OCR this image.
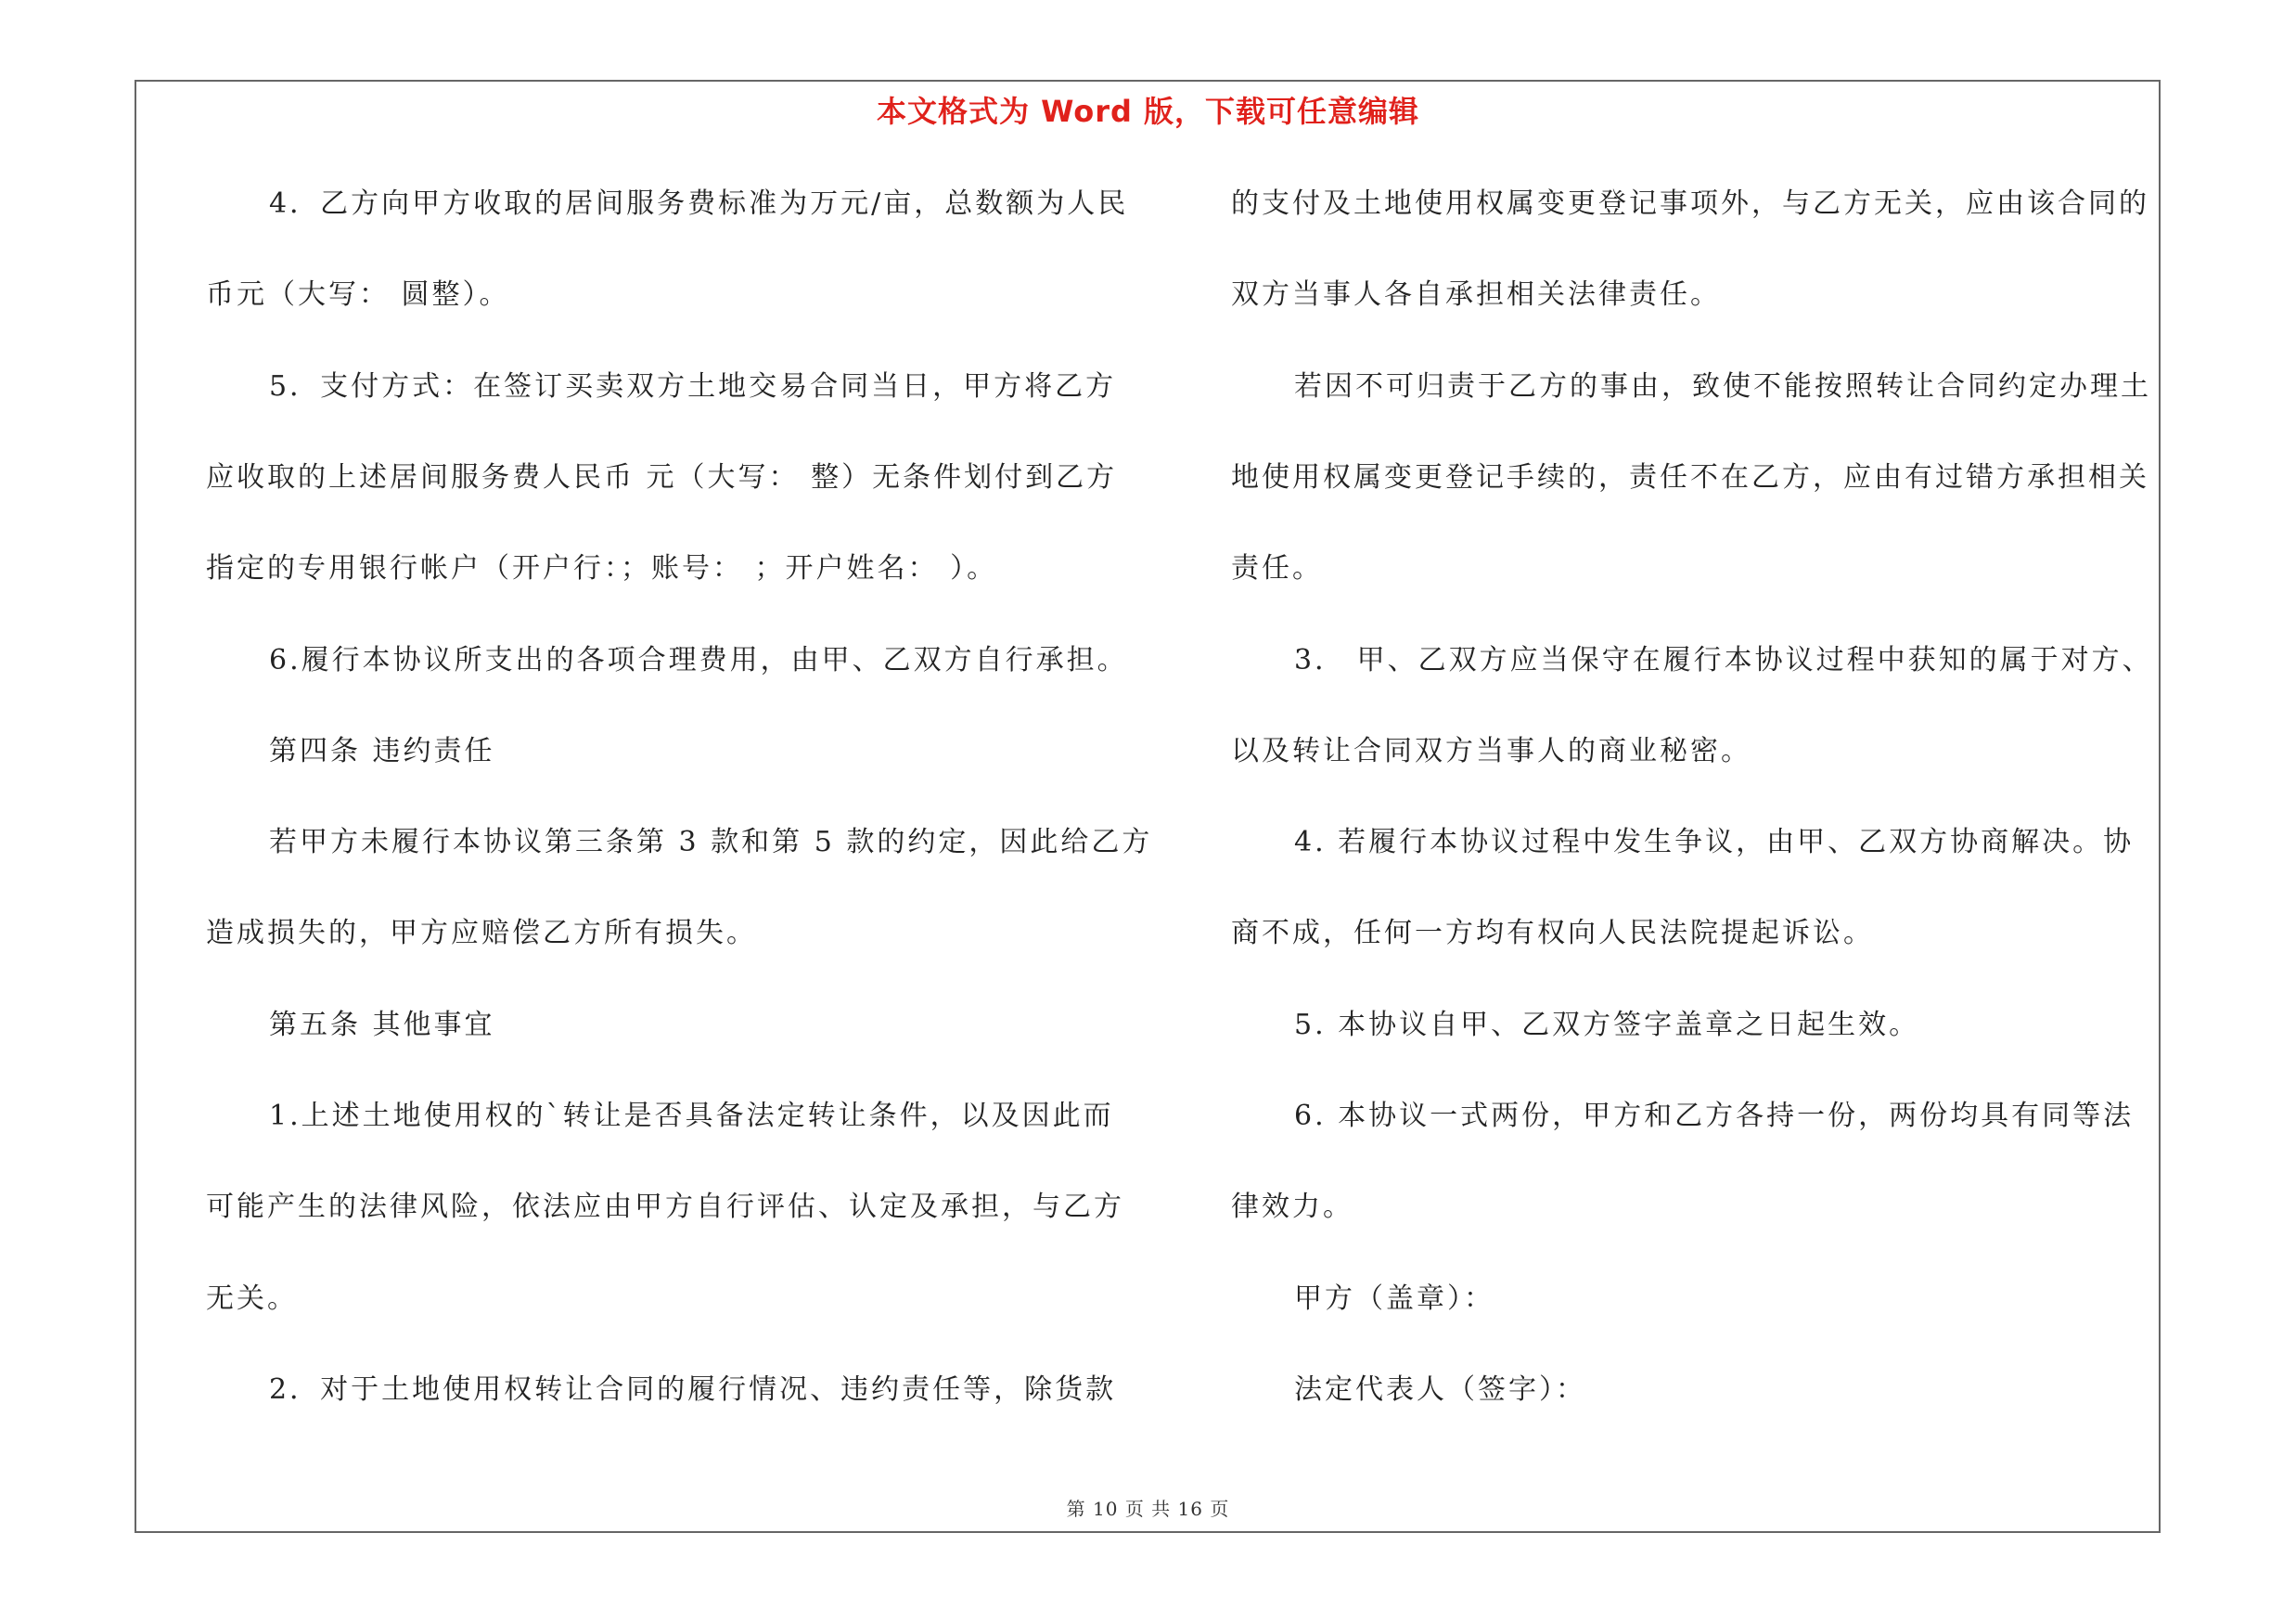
本文格式为 Word 版，下载可任意编辑
4．乙方向甲方收取的居间服务费标准为万元/亩，总数额为人民
币元（大写： 圆整）。
5．支付方式：在签订买卖双方土地交易合同当日，甲方将乙方
应收取的上述居间服务费人民币 元（大写： 整）无条件划付到乙方
指定的专用银行帐户（开户行：；账号： ；开户姓名： ）。
6.履行本协议所支出的各项合理费用，由甲、乙双方自行承担。
第四条 违约责任
若甲方未履行本协议第三条第 3 款和第 5 款的约定，因此给乙方
造成损失的，甲方应赔偿乙方所有损失。
第五条 其他事宜
1.上述土地使用权的`转让是否具备法定转让条件，以及因此而
可能产生的法律风险，依法应由甲方自行评估、认定及承担，与乙方
无关。
2．对于土地使用权转让合同的履行情况、违约责任等，除货款
的支付及土地使用权属变更登记事项外，与乙方无关，应由该合同的
双方当事人各自承担相关法律责任。
若因不可归责于乙方的事由，致使不能按照转让合同约定办理土
地使用权属变更登记手续的，责任不在乙方，应由有过错方承担相关
责任。
3． 甲、乙双方应当保守在履行本协议过程中获知的属于对方、
以及转让合同双方当事人的商业秘密。
4. 若履行本协议过程中发生争议，由甲、乙双方协商解决。协
商不成，任何一方均有权向人民法院提起诉讼。
5. 本协议自甲、乙双方签字盖章之日起生效。
6. 本协议一式两份，甲方和乙方各持一份，两份均具有同等法
律效力。
甲方（盖章）：
法定代表人（签字）：
第 10 页 共 16 页
